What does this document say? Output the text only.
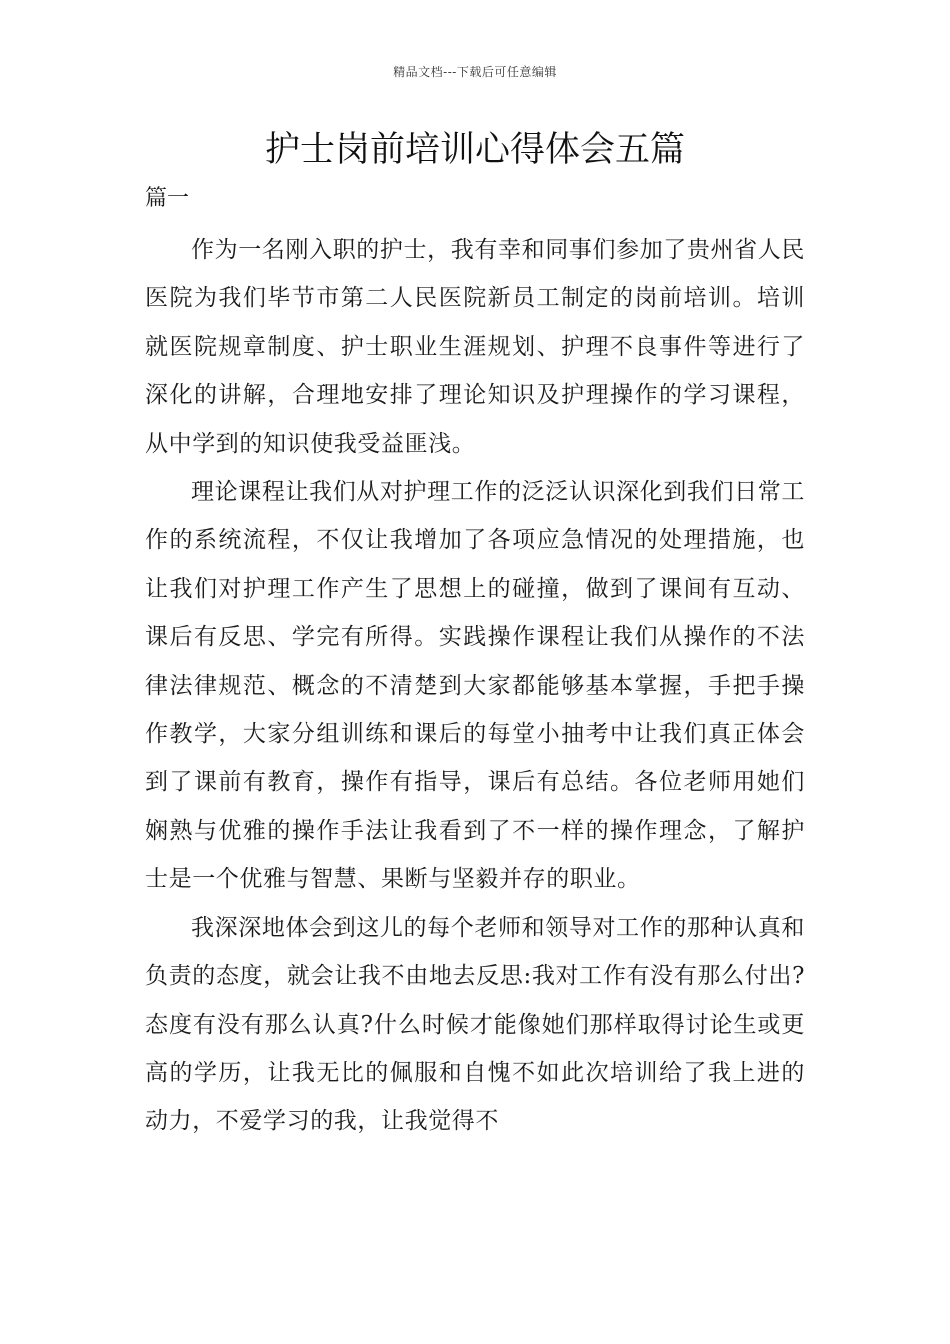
精品文档---下载后可任意编辑
护士岗前培训心得体会五篇
篇一

作为一名刚入职的护士，我有幸和同事们参加了贵州省人民医院为我们毕节市第二人民医院新员工制定的岗前培训。培训就医院规章制度、护士职业生涯规划、护理不良事件等进行了深化的讲解，合理地安排了理论知识及护理操作的学习课程，从中学到的知识使我受益匪浅。

理论课程让我们从对护理工作的泛泛认识深化到我们日常工作的系统流程，不仅让我增加了各项应急情况的处理措施，也让我们对护理工作产生了思想上的碰撞，做到了课间有互动、课后有反思、学完有所得。实践操作课程让我们从操作的不法律法律规范、概念的不清楚到大家都能够基本掌握，手把手操作教学，大家分组训练和课后的每堂小抽考中让我们真正体会到了课前有教育，操作有指导，课后有总结。各位老师用她们娴熟与优雅的操作手法让我看到了不一样的操作理念，了解护士是一个优雅与智慧、果断与坚毅并存的职业。

我深深地体会到这儿的每个老师和领导对工作的那种认真和负责的态度，就会让我不由地去反思:我对工作有没有那么付出?态度有没有那么认真?什么时候才能像她们那样取得讨论生或更高的学历，让我无比的佩服和自愧不如此次培训给了我上进的动力，不爱学习的我，让我觉得不
